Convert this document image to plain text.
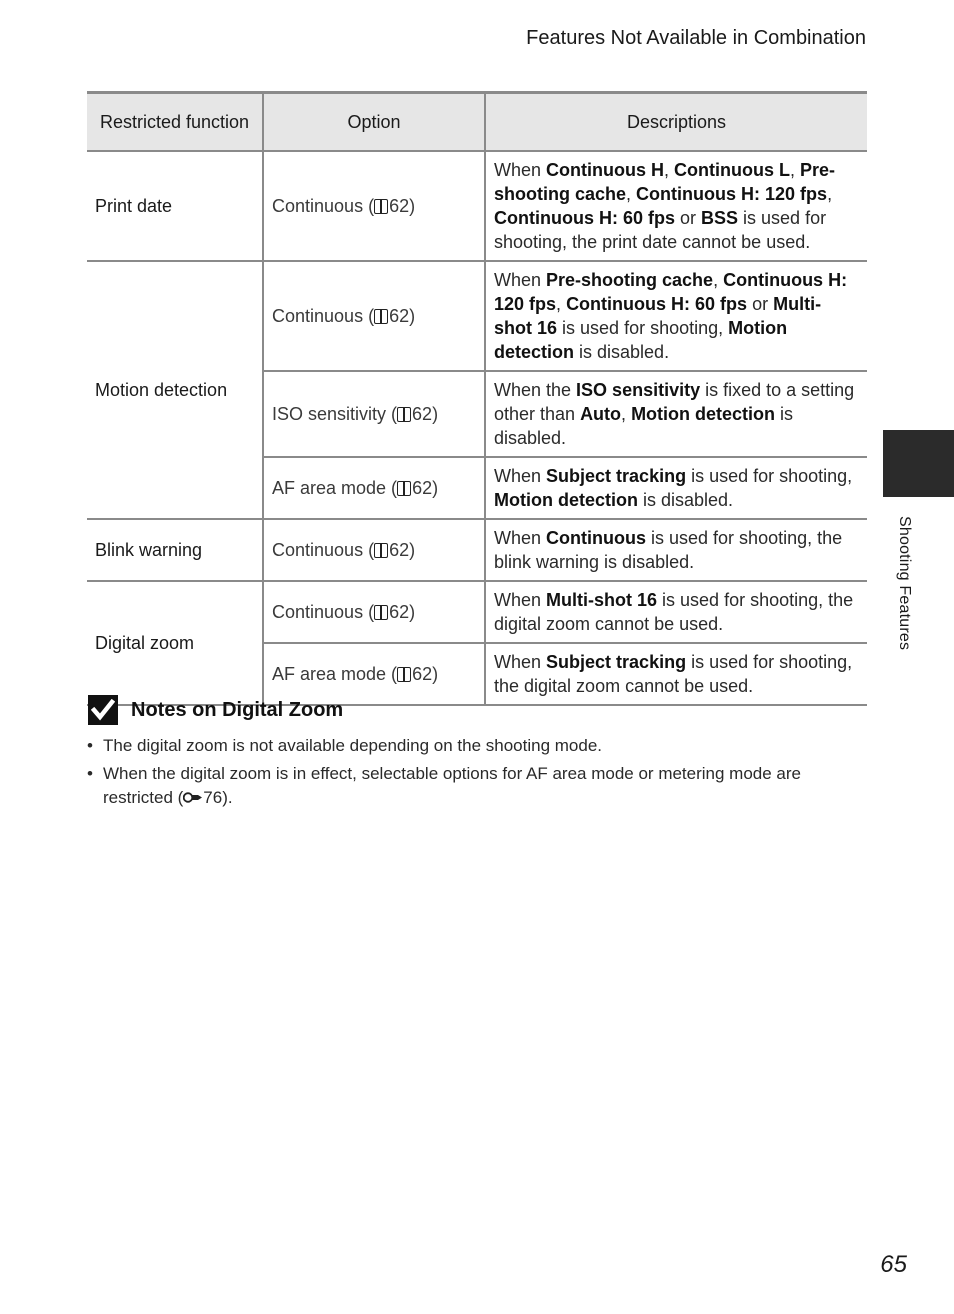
Features Not Available in Combination
Shooting Features
Restricted function	Option	Descriptions
Print date	Continuous ( 62)	When Continuous H, Continuous L, Pre-shooting cache, Continuous H: 120 fps, Continuous H: 60 fps or BSS is used for shooting, the print date cannot be used.
Motion detection	Continuous ( 62)	When Pre-shooting cache, Continuous H: 120 fps, Continuous H: 60 fps or Multi-shot 16 is used for shooting, Motion detection is disabled.
	ISO sensitivity ( 62)	When the ISO sensitivity is fixed to a setting other than Auto, Motion detection is disabled.
	AF area mode ( 62)	When Subject tracking is used for shooting, Motion detection is disabled.
Blink warning	Continuous ( 62)	When Continuous is used for shooting, the blink warning is disabled.
Digital zoom	Continuous ( 62)	When Multi-shot 16 is used for shooting, the digital zoom cannot be used.
	AF area mode ( 62)	When Subject tracking is used for shooting, the digital zoom cannot be used.
Notes on Digital Zoom
• The digital zoom is not available depending on the shooting mode.
• When the digital zoom is in effect, selectable options for AF area mode or metering mode are restricted ( 76).
65
